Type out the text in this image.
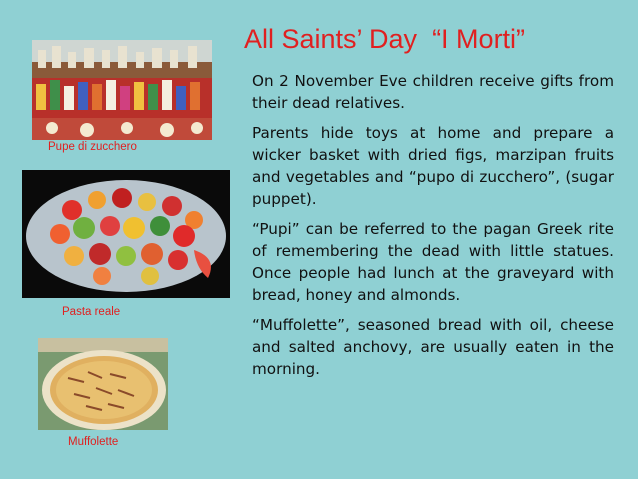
All Saints’ Day  “I Morti”
Pupe di zucchero
Pasta reale
Muffolette

On 2 November Eve children receive gifts from their dead relatives.

Parents hide toys at home and prepare a wicker basket with dried figs, marzipan fruits and vegetables and “pupo di zucchero”, (sugar puppet).

“Pupi” can be referred to the pagan Greek rite of remembering the dead with little statues. Once people had lunch at the graveyard with bread, honey and almonds.

“Muffolette”, seasoned bread with oil, cheese and salted anchovy, are usually eaten in the morning.
